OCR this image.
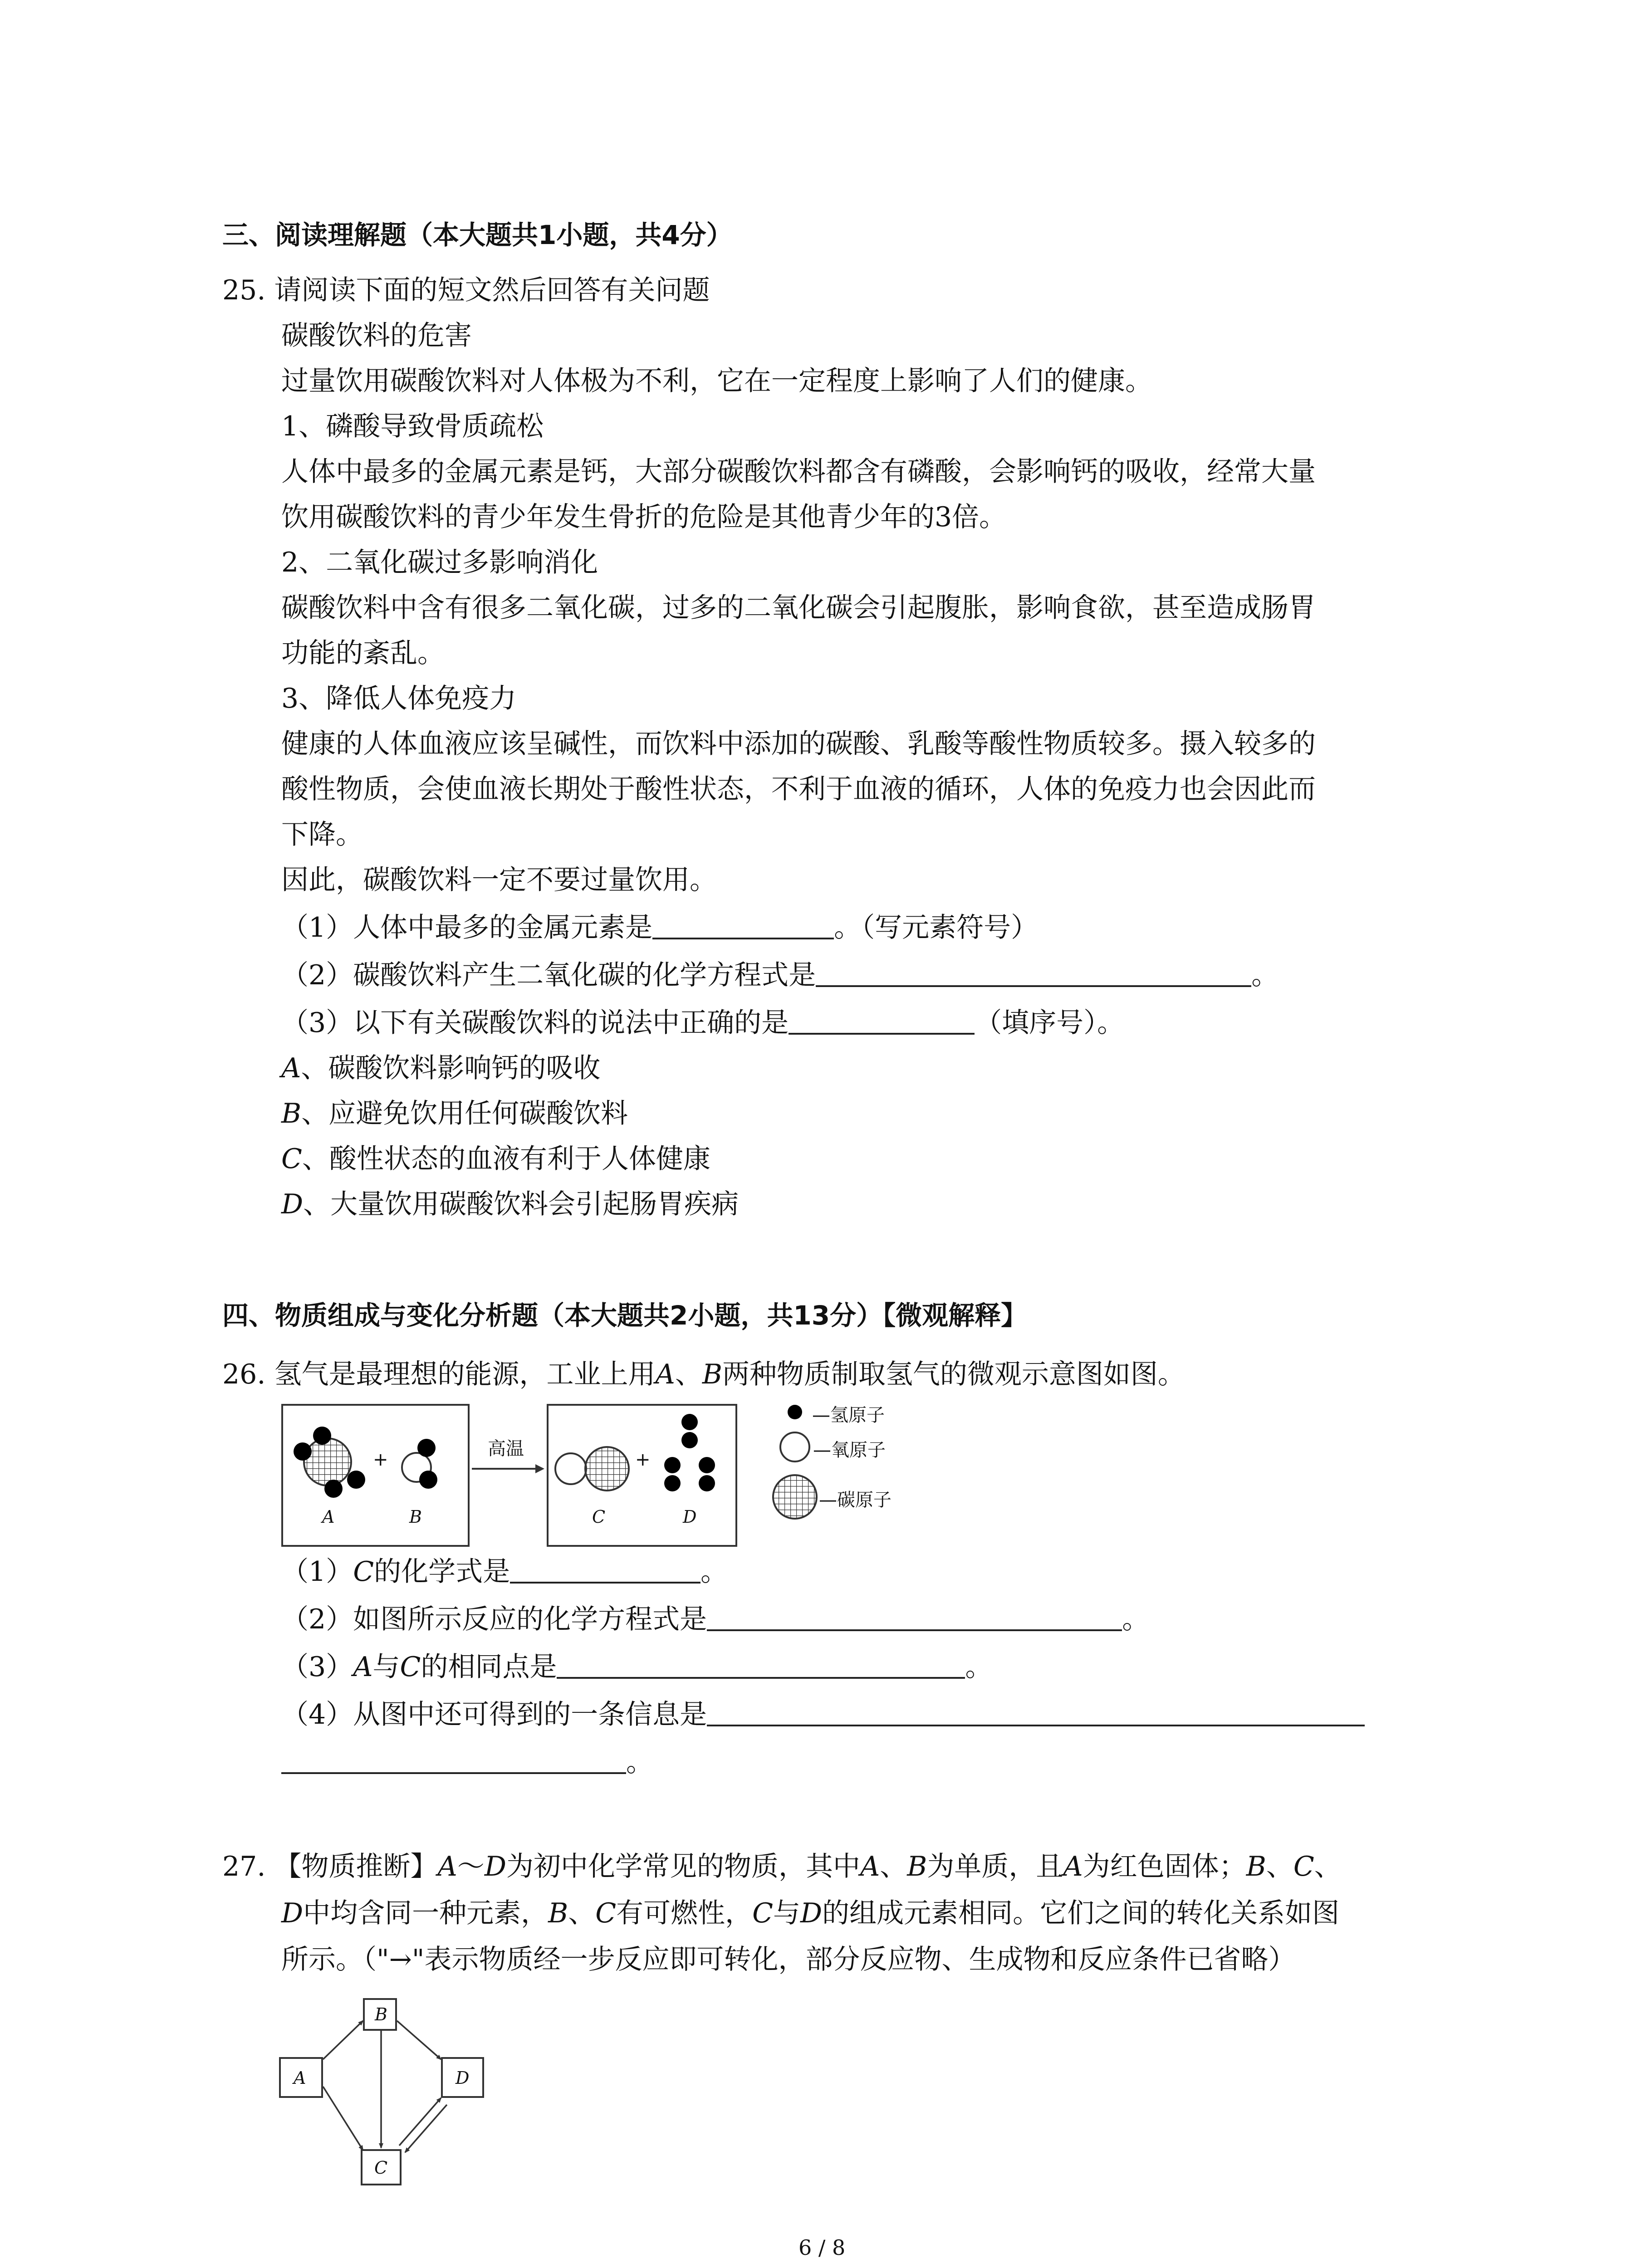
三、阅读理解题（本大题共1小题，共4分）
25. 请阅读下面的短文然后回答有关问题
碳酸饮料的危害
过量饮用碳酸饮料对人体极为不利，它在一定程度上影响了人们的健康。
1、磷酸导致骨质疏松
人体中最多的金属元素是钙，大部分碳酸饮料都含有磷酸，会影响钙的吸收，经常大量
饮用碳酸饮料的青少年发生骨折的危险是其他青少年的3倍。
2、二氧化碳过多影响消化
碳酸饮料中含有很多二氧化碳，过多的二氧化碳会引起腹胀，影响食欲，甚至造成肠胃
功能的紊乱。
3、降低人体免疫力
健康的人体血液应该呈碱性，而饮料中添加的碳酸、乳酸等酸性物质较多。摄入较多的
酸性物质，会使血液长期处于酸性状态，不利于血液的循环，人体的免疫力也会因此而
下降。
因此，碳酸饮料一定不要过量饮用。
（1）人体中最多的金属元素是	。（写元素符号）
（2）碳酸饮料产生二氧化碳的化学方程式是	。
（3）以下有关碳酸饮料的说法中正确的是	（填序号）。
A、碳酸饮料影响钙的吸收
B、应避免饮用任何碳酸饮料
C、酸性状态的血液有利于人体健康
D、大量饮用碳酸饮料会引起肠胃疾病
四、物质组成与变化分析题（本大题共2小题，共13分）【微观解释】
26. 氢气是最理想的能源，工业上用A、B两种物质制取氢气的微观示意图如图。
+	+
高温
A	B	C	D
—氢原子
—氧原子
—碳原子
（1）C的化学式是	。
（2）如图所示反应的化学方程式是	。
（3）A与C的相同点是	。
（4）从图中还可得到的一条信息是
。
27. 【物质推断】A～D为初中化学常见的物质，其中A、B为单质，且A为红色固体；B、C、
D中均含同一种元素，B、C有可燃性，C与D的组成元素相同。它们之间的转化关系如图
所示。（"→"表示物质经一步反应即可转化，部分反应物、生成物和反应条件已省略）
B
A	D
C
6 / 8
